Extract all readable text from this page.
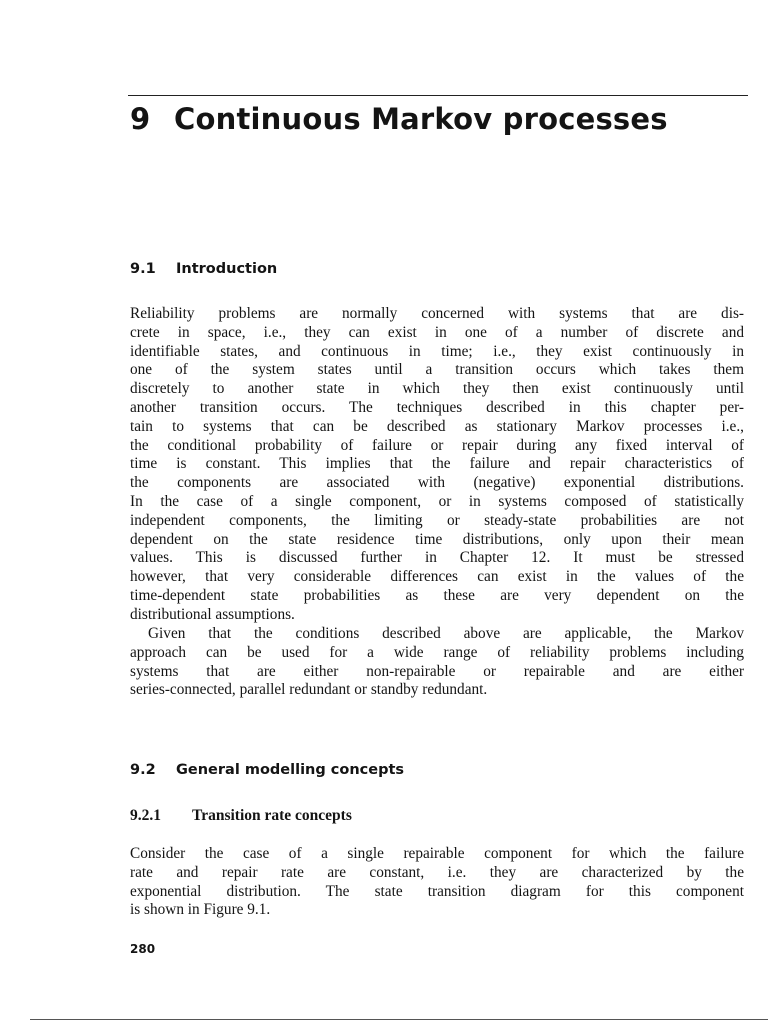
9 Continuous Markov processes
9.1 Introduction
Reliability problems are normally concerned with systems that are dis-
crete in space, i.e., they can exist in one of a number of discrete and
identifiable states, and continuous in time; i.e., they exist continuously in
one of the system states until a transition occurs which takes them
discretely to another state in which they then exist continuously until
another transition occurs. The techniques described in this chapter per-
tain to systems that can be described as stationary Markov processes i.e.,
the conditional probability of failure or repair during any fixed interval of
time is constant. This implies that the failure and repair characteristics of
the components are associated with (negative) exponential distributions.
In the case of a single component, or in systems composed of statistically
independent components, the limiting or steady-state probabilities are not
dependent on the state residence time distributions, only upon their mean
values. This is discussed further in Chapter 12. It must be stressed
however, that very considerable differences can exist in the values of the
time-dependent state probabilities as these are very dependent on the
distributional assumptions.
Given that the conditions described above are applicable, the Markov
approach can be used for a wide range of reliability problems including
systems that are either non-repairable or repairable and are either
series-connected, parallel redundant or standby redundant.
9.2 General modelling concepts
9.2.1 Transition rate concepts
Consider the case of a single repairable component for which the failure
rate and repair rate are constant, i.e. they are characterized by the
exponential distribution. The state transition diagram for this component
is shown in Figure 9.1.
280
